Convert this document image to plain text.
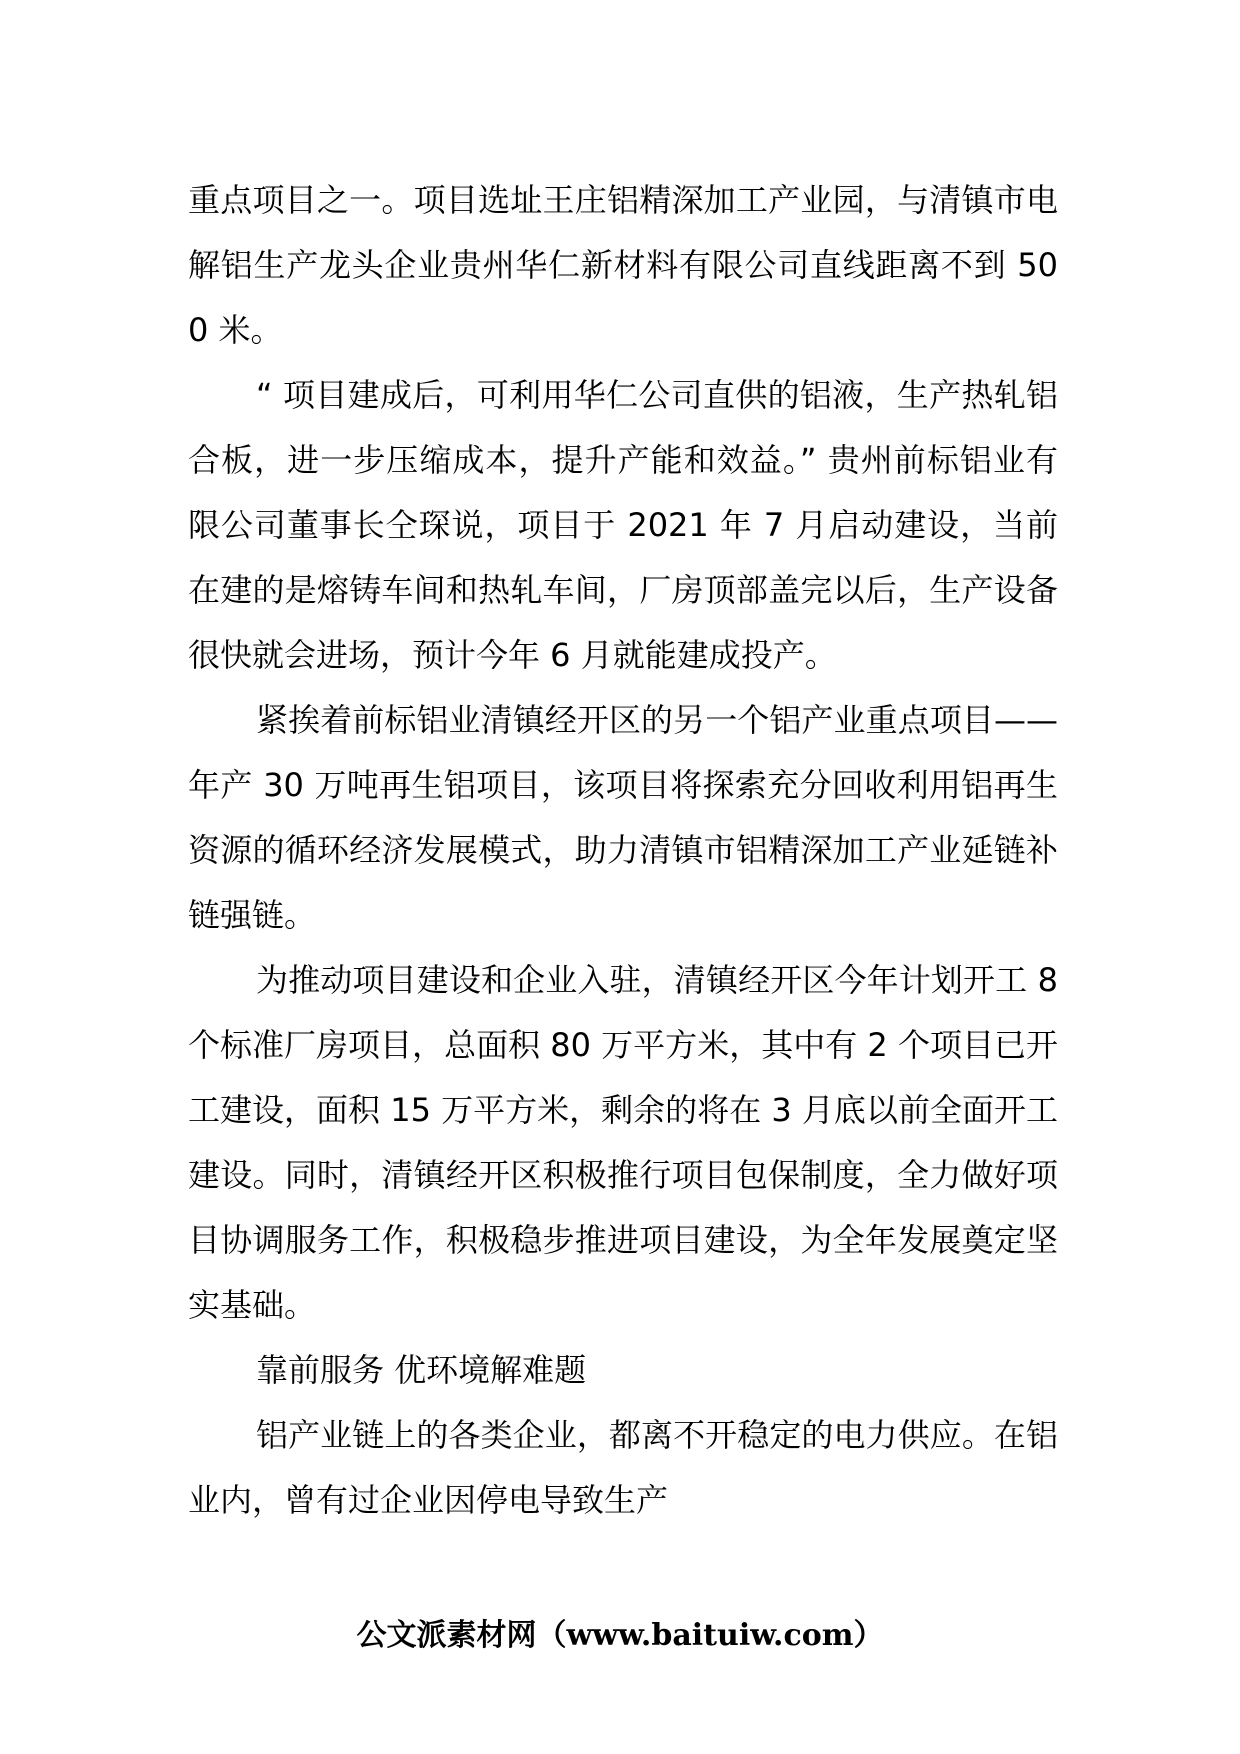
重点项目之一。项目选址王庄铝精深加工产业园，与清镇市电解铝生产龙头企业贵州华仁新材料有限公司直线距离不到 500 米。

“ 项目建成后，可利用华仁公司直供的铝液，生产热轧铝合板，进一步压缩成本，提升产能和效益。” 贵州前标铝业有限公司董事长仝琛说，项目于 2021 年 7 月启动建设，当前在建的是熔铸车间和热轧车间，厂房顶部盖完以后，生产设备很快就会进场，预计今年 6 月就能建成投产。

紧挨着前标铝业清镇经开区的另一个铝产业重点项目——年产 30 万吨再生铝项目，该项目将探索充分回收利用铝再生资源的循环经济发展模式，助力清镇市铝精深加工产业延链补链强链。

为推动项目建设和企业入驻，清镇经开区今年计划开工 8 个标准厂房项目，总面积 80 万平方米，其中有 2 个项目已开工建设，面积 15 万平方米，剩余的将在 3 月底以前全面开工建设。同时，清镇经开区积极推行项目包保制度，全力做好项目协调服务工作，积极稳步推进项目建设，为全年发展奠定坚实基础。

靠前服务 优环境解难题

铝产业链上的各类企业，都离不开稳定的电力供应。在铝业内，曾有过企业因停电导致生产

公文派素材网（www.baituiw.com）
